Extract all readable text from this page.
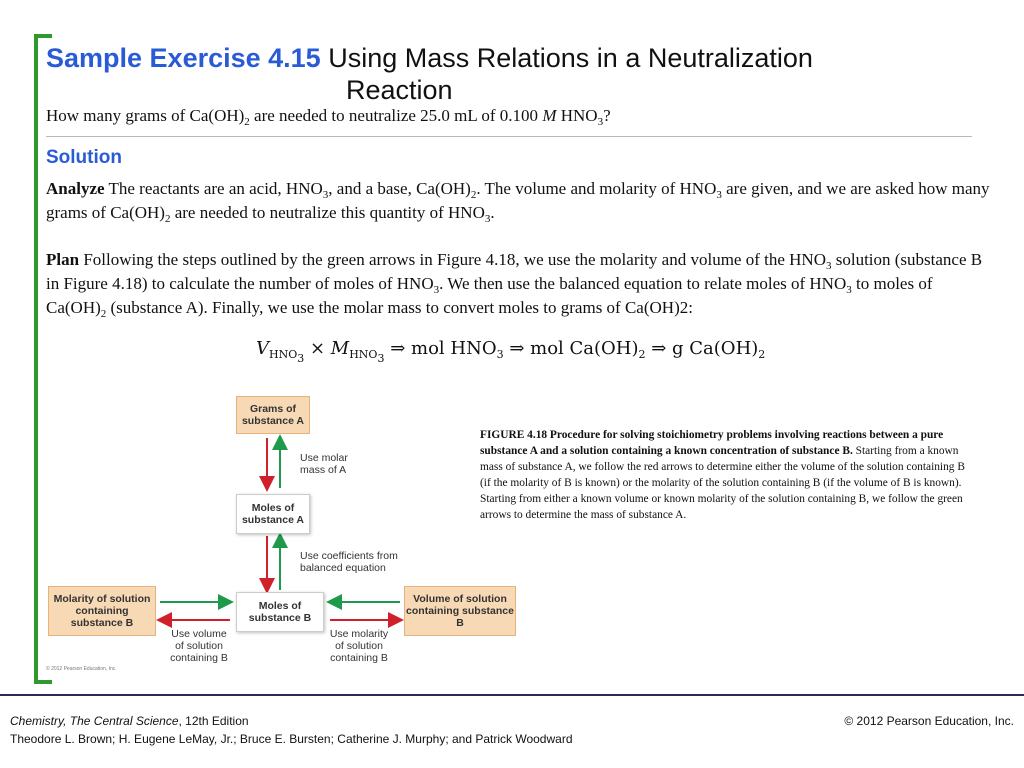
Sample Exercise 4.15 Using Mass Relations in a Neutralization
Reaction
How many grams of $Ca(OH)_2$ are needed to neutralize 25.0 mL of 0.100 M $HNO_3$?
Solution
Analyze The reactants are an acid, $HNO_3$, and a base, $Ca(OH)_2$. The volume and molarity of $HNO_3$ are given, and we are asked how many grams of $Ca(OH)_2$ are needed to neutralize this quantity of $HNO_3$.
Plan Following the steps outlined by the green arrows in Figure 4.18, we use the molarity and volume of the $HNO_3$ solution (substance B in Figure 4.18) to calculate the number of moles of $HNO_3$. We then use the balanced equation to relate moles of $HNO_3$ to moles of $Ca(OH)_2$ (substance A). Finally, we use the molar mass to convert moles to grams of Ca(OH)2:
$V_{HNO_3} \times M_{HNO_3}$ ⇒ mol $HNO_3$ ⇒ mol $Ca(OH)_2$ ⇒ g $Ca(OH)_2$
Grams of substance A
Moles of substance A
Moles of substance B
Molarity of solution containing substance B
Volume of solution containing substance B
Use molar mass of A
Use coefficients from balanced equation
Use volume of solution containing B
Use molarity of solution containing B
© 2012 Pearson Education, Inc.
FIGURE 4.18 Procedure for solving stoichiometry problems involving reactions between a pure substance A and a solution containing a known concentration of substance B. Starting from a known mass of substance A, we follow the red arrows to determine either the volume of the solution containing B (if the molarity of B is known) or the molarity of the solution containing B (if the volume of B is known). Starting from either a known volume or known molarity of the solution containing B, we follow the green arrows to determine the mass of substance A.
Chemistry, The Central Science, 12th Edition
Theodore L. Brown; H. Eugene LeMay, Jr.; Bruce E. Bursten; Catherine J. Murphy; and Patrick Woodward
© 2012 Pearson Education, Inc.
